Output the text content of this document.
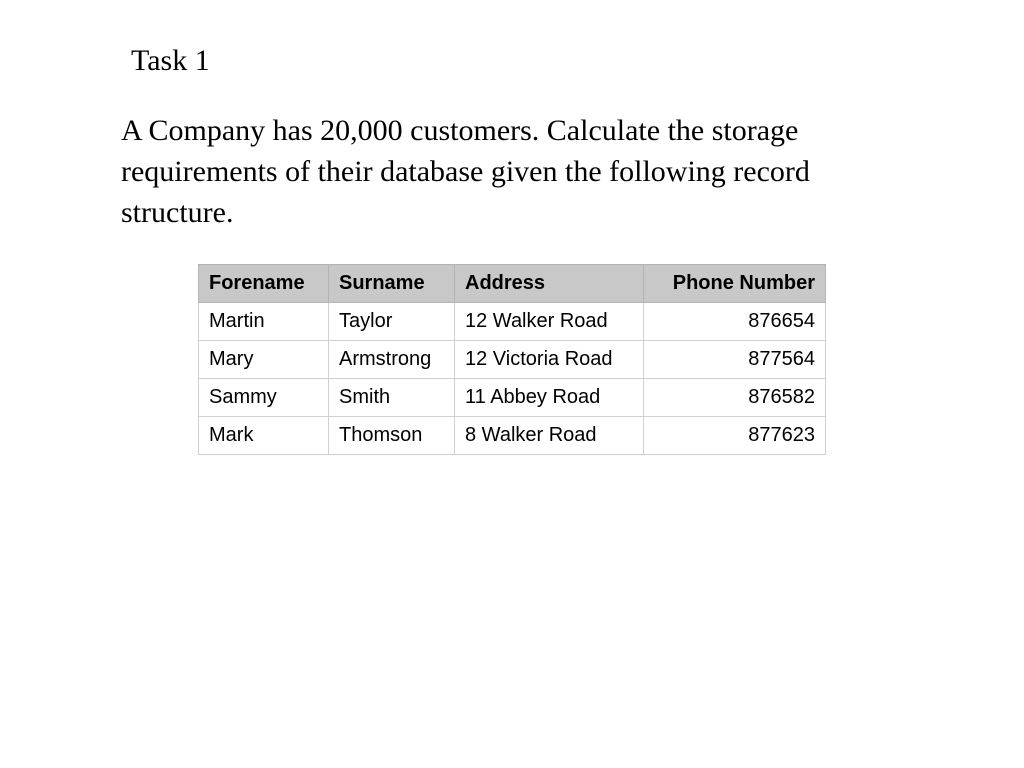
Task 1
A Company has 20,000 customers. Calculate the storage requirements of their database given the following record structure.
Forename	Surname	Address	Phone Number
Martin	Taylor	12 Walker Road	876654
Mary	Armstrong	12 Victoria Road	877564
Sammy	Smith	11 Abbey Road	876582
Mark	Thomson	8 Walker Road	877623
